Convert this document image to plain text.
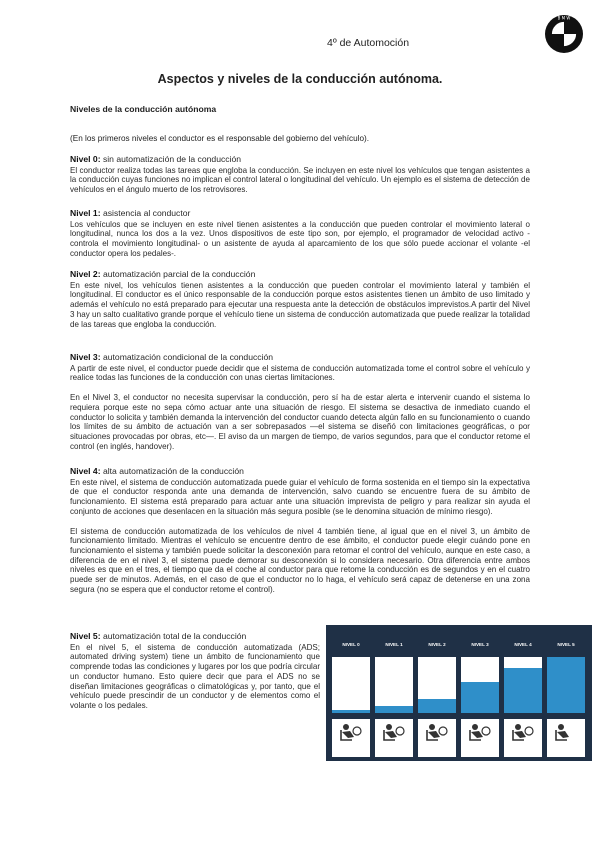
4º de Automoción
B M W
Aspectos y niveles de la conducción autónoma.
Niveles de la conducción autónoma
(En los primeros niveles el conductor es el responsable del gobierno del vehículo).
Nivel 0: sin automatización de la conducción

El conductor realiza todas las tareas que engloba la conducción. Se incluyen en este nivel los vehículos que tengan asistentes a la conducción cuyas funciones no implican el control lateral o longitudinal del vehículo. Un ejemplo es el sistema de detección de vehículos en el ángulo muerto de los retrovisores.

Nivel 1: asistencia al conductor

Los vehículos que se incluyen en este nivel tienen asistentes a la conducción que pueden controlar el movimiento lateral o longitudinal, nunca los dos a la vez. Unos dispositivos de este tipo son, por ejemplo, el programador de velocidad activo -controla el movimiento longitudinal- o un asistente de ayuda al aparcamiento de los que sólo puede accionar el volante -el conductor opera los pedales-.

Nivel 2: automatización parcial de la conducción

En este nivel, los vehículos tienen asistentes a la conducción que pueden controlar el movimiento lateral y también el longitudinal. El conductor es el único responsable de la conducción porque estos asistentes tienen un ámbito de uso limitado y además el vehículo no está preparado para ejecutar una respuesta ante la detección de obstáculos imprevistos.A partir del Nivel 3 hay un salto cualitativo grande porque el vehículo tiene un sistema de conducción automatizada que puede realizar la totalidad de las tareas que engloba la conducción.

Nivel 3: automatización condicional de la conducción

A partir de este nivel, el conductor puede decidir que el sistema de conducción automatizada tome el control sobre el vehículo y realice todas las funciones de la conducción con unas ciertas limitaciones.

En el Nivel 3, el conductor no necesita supervisar la conducción, pero sí ha de estar alerta e intervenir cuando el sistema lo requiera porque este no sepa cómo actuar ante una situación de riesgo. El sistema se desactiva de inmediato cuando el conductor lo solicita y también demanda la intervención del conductor cuando detecta algún fallo en su funcionamiento o cuando los límites de su ámbito de actuación van a ser sobrepasados —el sistema se diseñó con limitaciones geográficas, o por situaciones provocadas por obras, etc—. El aviso da un margen de tiempo, de varios segundos, para que el conductor retome el control (en inglés, handover).

Nivel 4: alta automatización de la conducción

En este nivel, el sistema de conducción automatizada puede guiar el vehículo de forma sostenida en el tiempo sin la expectativa de que el conductor responda ante una demanda de intervención, salvo cuando se encuentre fuera de su ámbito de funcionamiento. El sistema está preparado para actuar ante una situación imprevista de peligro y para realizar sin ayuda el conjunto de acciones que desenlacen en la situación más segura posible (se le denomina situación de mínimo riesgo).

El sistema de conducción automatizada de los vehículos de nivel 4 también tiene, al igual que en el nivel 3, un ámbito de funcionamiento limitado. Mientras el vehículo se encuentre dentro de ese ámbito, el conductor puede elegir cuándo pone en funcionamiento el sistema y también puede solicitar la desconexión para retomar el control del vehículo, aunque en este caso, a diferencia de en el nivel 3, el sistema puede demorar su desconexión si lo considera necesario. Otra diferencia entre ambos niveles es que en el tres, el tiempo que da el coche al conductor para que retome la conducción es de segundos y en el cuatro puede ser de minutos. Además, en el caso de que el conductor no lo haga, el vehículo será capaz de detenerse en una zona segura (no se espera que el conductor retome el control).

Nivel 5: automatización total de la conducción

En el nivel 5, el sistema de conducción automatizada (ADS; automated driving system) tiene un ámbito de funcionamiento que comprende todas las condiciones y lugares por los que podría circular un conductor humano. Esto quiere decir que para el ADS no se diseñan limitaciones geográficas o climatológicas y, por tanto, que el vehículo puede prescindir de un conductor y de elementos como el volante o los pedales.

NIVEL 0	NIVEL 1	NIVEL 2	NIVEL 3	NIVEL 4	NIVEL 5
